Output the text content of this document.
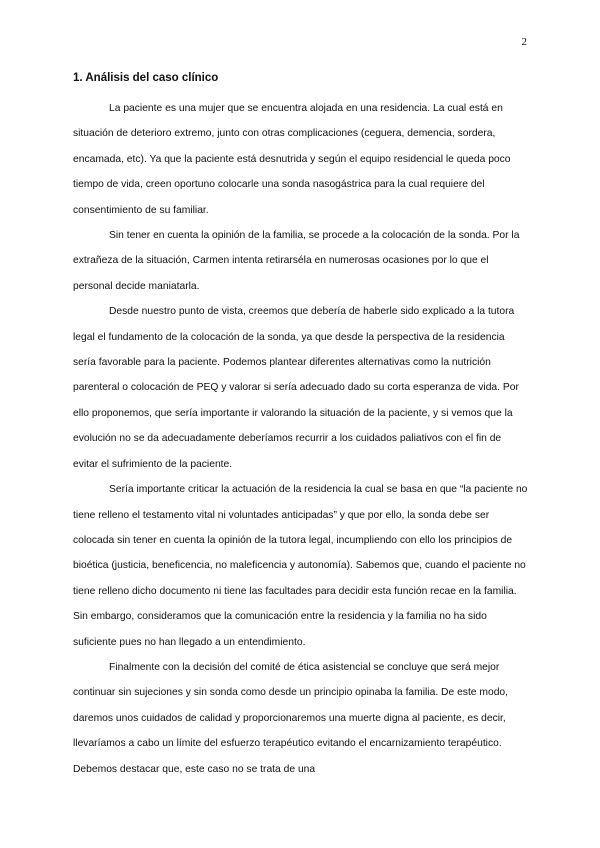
2
1. Análisis del caso clínico

La paciente es una mujer que se encuentra alojada en una residencia. La cual está en situación de deterioro extremo, junto con otras complicaciones (ceguera, demencia, sordera, encamada, etc). Ya que la paciente está desnutrida y según el equipo residencial le queda poco tiempo de vida, creen oportuno colocarle una sonda nasogástrica para la cual requiere del consentimiento de su familiar.

Sin tener en cuenta la opinión de la familia, se procede a la colocación de la sonda. Por la extrañeza de la situación, Carmen intenta retirarséla en numerosas ocasiones por lo que el personal decide maniatarla.

Desde nuestro punto de vista, creemos que debería de haberle sido explicado a la tutora legal el fundamento de la colocación de la sonda, ya que desde la perspectiva de la residencia sería favorable para la paciente. Podemos plantear diferentes alternativas como la nutrición parenteral o colocación de PEQ y valorar si sería adecuado dado su corta esperanza de vida. Por ello proponemos, que sería importante ir valorando la situación de la paciente, y si vemos que la evolución no se da adecuadamente deberíamos recurrir a los cuidados paliativos con el fin de evitar el sufrimiento de la paciente.

Sería importante criticar la actuación de la residencia la cual se basa en que “la paciente no tiene relleno el testamento vital ni voluntades anticipadas” y que por ello, la sonda debe ser colocada sin tener en cuenta la opinión de la tutora legal, incumpliendo con ello los principios de bioética (justicia, beneficencia, no maleficencia y autonomía). Sabemos que, cuando el paciente no tiene relleno dicho documento ni tiene las facultades para decidir esta función recae en la familia. Sin embargo, consideramos que la comunicación entre la residencia y la familia no ha sido suficiente pues no han llegado a un entendimiento.

Finalmente con la decisión del comité de ética asistencial se concluye que será mejor continuar sin sujeciones y sin sonda como desde un principio opinaba la familia. De este modo, daremos unos cuidados de calidad y proporcionaremos una muerte digna al paciente, es decir, llevaríamos a cabo un límite del esfuerzo terapéutico evitando el encarnizamiento terapéutico. Debemos destacar que, este caso no se trata de una
